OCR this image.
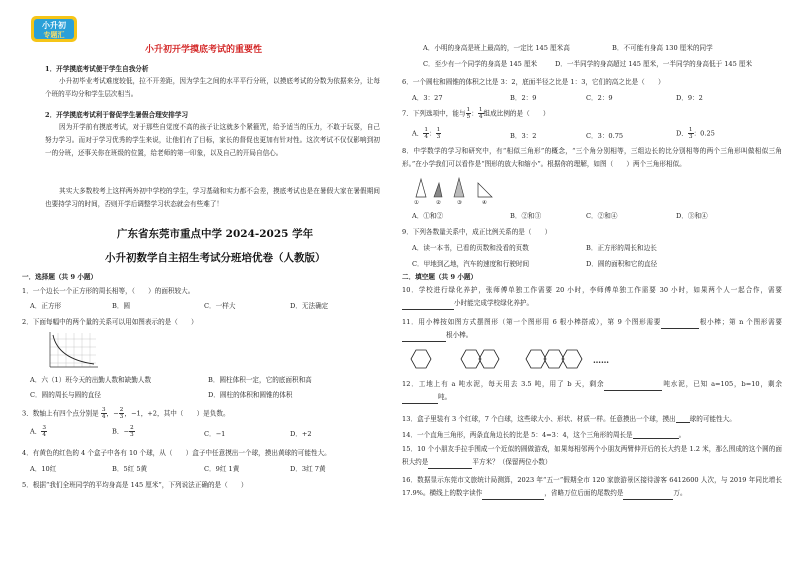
小升初
专题汇
小升初开学摸底考试的重要性
1．开学摸底考试便于学生自我分析
小升初毕业考试难度较低，拉不开差距，因为学生之间的水平平行分班，以摸底考试的分数为依据来分，让每个班的平均分和学生层次相当。
2．开学摸底考试利于督促学生暑假合理安排学习
因为开学前有摸底考试，对于那些自觉度不高的孩子让这就多个紧箍咒，给予适当的压力，不敢于玩耍，自己努力学习。而对于学习优秀的学生来说，让他们有了目标，家长的督促也更加有针对性。这次考试不仅仅影响到初一的分班，还事关你在班级的位置，给老师的第一印象，以及自己的开局自信心。
其实大多数校考上这样两外初中学校的学生，学习基础和实力都不会差，摸底考试也是在暑假大家在暑假期间也要持学习的时间，否则开学后调整学习状态就会有些难了！
广东省东莞市重点中学 2024-2025 学年
小升初数学自主招生考试分班培优卷（人教版）
一．选择题（共 9 小题）
1．一个边长一个正方形的周长相等，（　　）的面积较大。
A．正方形	B．圆	C．一样大	D．无法确定
2．下面每幅中的两个量的关系可以用如图表示的是（　　）
A．六（1）班今天的出勤人数和缺勤人数	B．圆柱体积一定，它的底面积和高
C．圆的周长与圆的直径	D．圆柱的体积和圆锥的体积
3．数轴上有四个点分别是 $\frac{3}{4}$ ，− $\frac{2}{3}$ ，−1，+2，其中（　　）是负数。
A． $\frac{3}{4}$	B．− $\frac{2}{3}$	C．−1	D．+2
4．有黄色的红色的 4 个盒子中各有 10 个球，从（　　）盒子中任意摸出一个球，摸出黄球的可能性大。
A．10红	B．5红 5黄	C．9红 1黄	D．3红 7黄
5．根据“我们全班同学的平均身高是 145 厘米”，下列说法正确的是（　　）
A．小明的身高是班上最高的，一定比 145 厘米高	B．不可能有身高 130 厘米的同学
C．至少有一个同学的身高是 145 厘米	D．一半同学的身高超过 145 厘米，一半同学的身高低于 145 厘米
6．一个圆柱和圆锥的体积之比是 3：2，底面半径之比是 1：3，它们的高之比是（　　）
A．3：27	B．2：9	C．2：9	D．9：2
7．下列选项中，能与 $\frac{1}{5}$ ： $\frac{1}{4}$ 组成比例的是（　　）
A． $\frac{1}{4}$ ： $\frac{1}{3}$	B．3：2	C．3：0.75	D． $\frac{1}{3}$ ：0.25
8．中学数学的学习和研究中，有“相似三角形”的概念，“三个角分别相等，三组边长的比分别相等的两个三角形叫做相似三角形。”在小学我们可以看作是“图形的放大和缩小”。根据你的理解，如图（　　）两个三角形相似。
①	②	③	④
A．①和②	B．②和③	C．②和④	D．③和④
9．下列各数量关系中，成正比例关系的是（　　）
A．读一本书，已看的页数和没看的页数	B．正方形的周长和边长
C．甲地到乙地，汽车的速度和行驶时间	D．圆的面积和它的直径
二．填空题（共 9 小题）
10．学校进行绿化养护，张师傅单独工作需要 20 小时，李师傅单独工作需要 30 小时，如果两个人一起合作，需要小时能完成学校绿化养护。
11．用小棒按如图方式摆图形（第一个图形用 6 根小棒搭成），第 9 个图形需要	根小棒；第 n 个图形需要根小棒。
……
12．工地上有 a 吨水泥，每天用去 3.5 吨，用了 b 天，剩余	吨水泥，已知 a=105，b=10，剩余吨。
13．盒子里装有 3 个红球，7 个白球，这些球大小、形状、材质一样。任意摸出一个球，摸出 球的可能性大。
14．一个直角三角形，两条直角边长的比是 5：4=3：4，这个三角形的周长是	。
15．10 个小朋友手拉手围成一个近似的圆做游戏，如果每相邻两个小朋友两臂伸开后的长大约是 1.2 米，那么围成的这个圆的面积大约是	平方米？（保留两位小数）
16．数据显示东莞市文旅统计局测算，2023 年“五一”假期全市 120 家旅游景区接待游客 6412600 人次，与 2019 年同比增长 17.9%。横线上的数字读作	，省略万位后面的尾数约是	万。
